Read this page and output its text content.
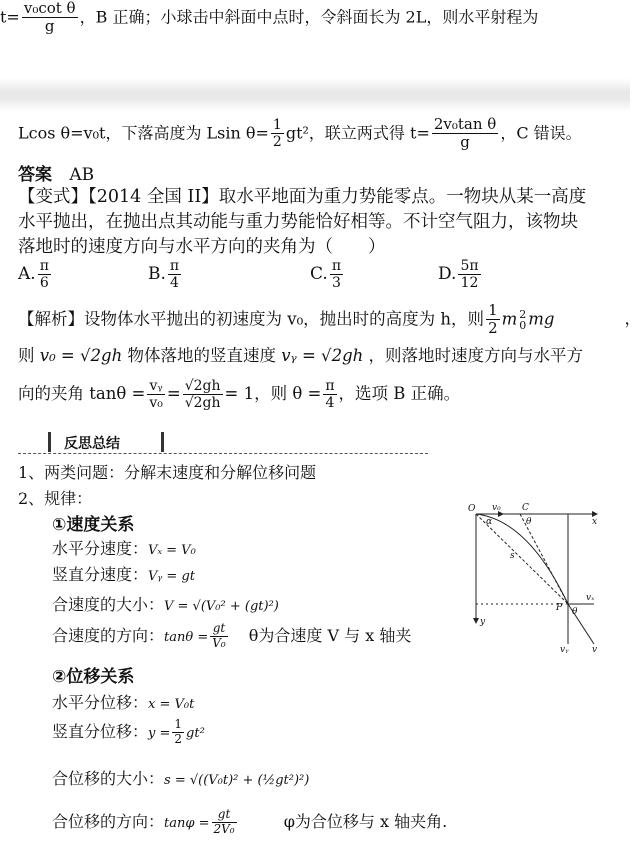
$t= \frac{\text{v₀cot θ}}{g}$ ，B 正确；小球击中斜面中点时，令斜面长为 2L，则水平射程为
Lcos θ=v₀t，下落高度为 Lsin $\theta= \frac{1}{2} gt^2$，联立两式得 $t= \frac{\text{2v₀tan θ}}{g}$ ，C 错误。
答案 AB
【变式】【2014 全国 II】取水平地面为重力势能零点。一物块从某一高度
水平抛出，在抛出点其动能与重力势能恰好相等。不计空气阻力，该物块
落地时的速度方向与水平方向的夹角为（　　）
A. $\frac{\pi}{6}$	B. $\frac{\pi}{4}$	C. $\frac{\pi}{3}$	D. $\frac{5\pi}{12}$
【解析】设物体水平抛出的初速度为 v₀，抛出时的高度为 h，则 $\frac{1}{2}$ m 2
0 mg	，
则 v₀ = √2gh 物体落地的竖直速度 vᵧ = √2gh ，则落地时速度方向与水平方
向的夹角 $\tan\theta = \frac{\text{vᵧ}}{\text{v₀}} = \frac{√2gh}{√2gh} = 1$，则 $\theta = \frac{\pi}{4}$ ，选项 B 正确。
反思总结
1、两类问题：分解末速度和分解位移问题
2、规律：
①速度关系
水平分速度：Vₓ = V₀
竖直分速度：Vᵧ = gt
合速度的大小：V = √(V₀² + (gt)²)
合速度的方向：$\tan\theta = \frac{gt}{\text{V₀}}$ θ为合速度 V 与 x 轴夹
②位移关系
水平分位移：x = V₀t
竖直分位移：$y = \frac{1}{2} gt^2$
合位移的大小：s = √((V₀t)² + (½gt²)²)
合位移的方向：$\tan\varphi = \frac{gt}{\text{2V₀}}$	φ为合位移与 x 轴夹角.
O v₀ C
x
α	θ
s
P θ
vₓ
vᵧ	v
y
